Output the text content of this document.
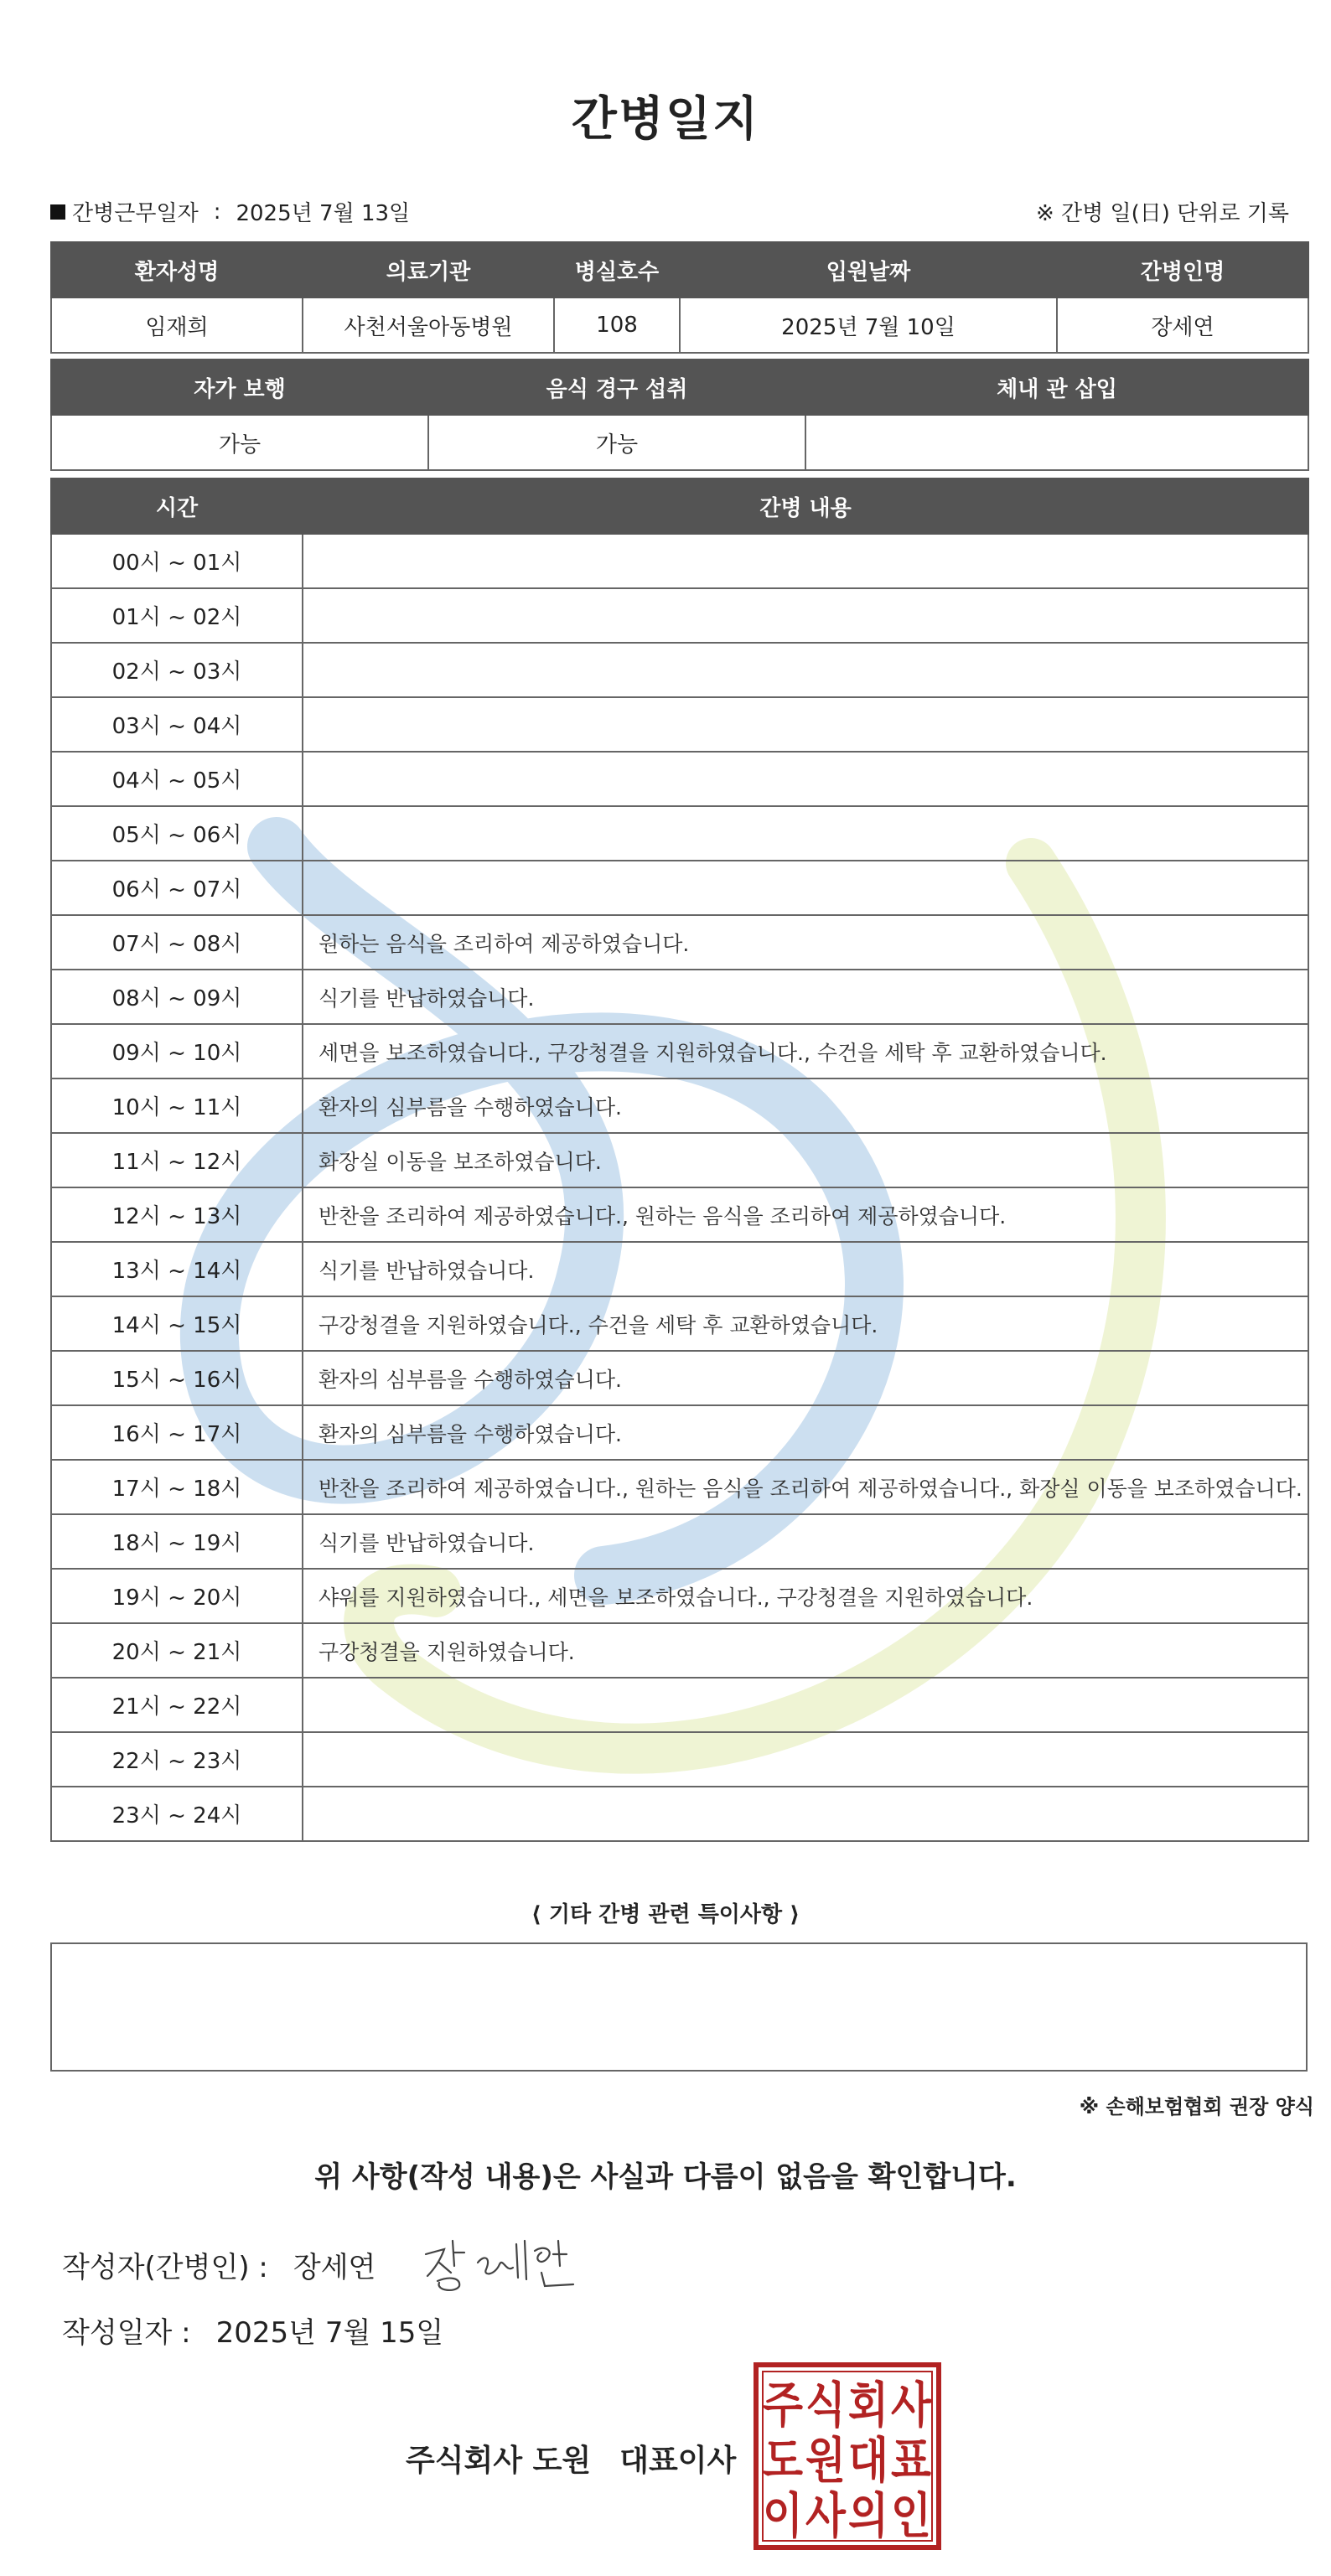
간병일지
간병근무일자 : 2025년 7월 13일	※ 간병 일(日) 단위로 기록
환자성명	의료기관	병실호수	입원날짜	간병인명
임재희	사천서울아동병원	108	2025년 7월 10일	장세연
자가 보행	음식 경구 섭취	체내 관 삽입
가능	가능	
시간	간병 내용
00시 ~ 01시	
01시 ~ 02시	
02시 ~ 03시	
03시 ~ 04시	
04시 ~ 05시	
05시 ~ 06시	
06시 ~ 07시	
07시 ~ 08시	원하는 음식을 조리하여 제공하였습니다.
08시 ~ 09시	식기를 반납하였습니다.
09시 ~ 10시	세면을 보조하였습니다., 구강청결을 지원하였습니다., 수건을 세탁 후 교환하였습니다.
10시 ~ 11시	환자의 심부름을 수행하였습니다.
11시 ~ 12시	화장실 이동을 보조하였습니다.
12시 ~ 13시	반찬을 조리하여 제공하였습니다., 원하는 음식을 조리하여 제공하였습니다.
13시 ~ 14시	식기를 반납하였습니다.
14시 ~ 15시	구강청결을 지원하였습니다., 수건을 세탁 후 교환하였습니다.
15시 ~ 16시	환자의 심부름을 수행하였습니다.
16시 ~ 17시	환자의 심부름을 수행하였습니다.
17시 ~ 18시	반찬을 조리하여 제공하였습니다., 원하는 음식을 조리하여 제공하였습니다., 화장실 이동을 보조하였습니다.
18시 ~ 19시	식기를 반납하였습니다.
19시 ~ 20시	샤워를 지원하였습니다., 세면을 보조하였습니다., 구강청결을 지원하였습니다.
20시 ~ 21시	구강청결을 지원하였습니다.
21시 ~ 22시	
22시 ~ 23시	
23시 ~ 24시	
⟨ 기타 간병 관련 특이사항 ⟩
※ 손해보험협회 권장 양식
위 사항(작성 내용)은 사실과 다름이 없음을 확인합니다.
작성자(간병인) : 장세연
작성일자 : 2025년 7월 15일
주식회사 도원 대표이사
주 식 회 사
도 원 대 표
이 사 의 인
